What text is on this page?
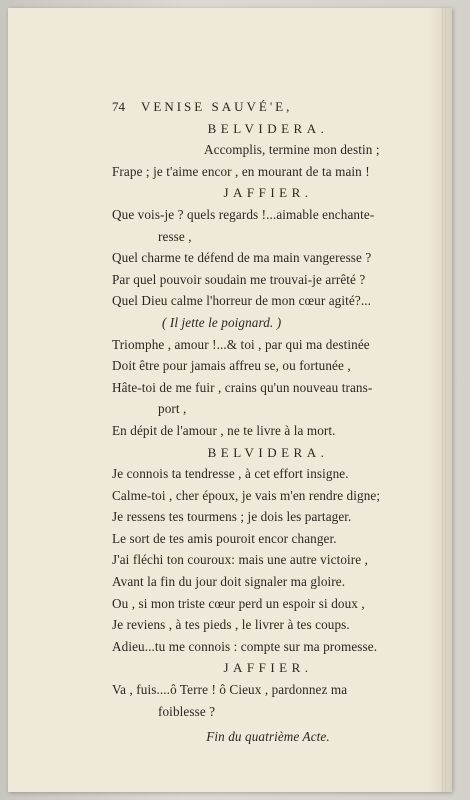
74 VENISE SAUVÉ'E,
BELVIDERA.
Accomplis, termine mon destin ;
Frape ; je t'aime encor , en mourant de ta main !
JAFFIER.
Que vois-je ? quels regards !...aimable enchante-
resse ,
Quel charme te défend de ma main vangeresse ?
Par quel pouvoir soudain me trouvai-je arrêté ?
Quel Dieu calme l'horreur de mon cœur agité?...
( Il jette le poignard. )
Triomphe , amour !...& toi , par qui ma destinée
Doit être pour jamais affreu se, ou fortunée ,
Hâte-toi de me fuir , crains qu'un nouveau trans-
port ,
En dépit de l'amour , ne te livre à la mort.
BELVIDERA.
Je connois ta tendresse , à cet effort insigne.
Calme-toi , cher époux, je vais m'en rendre digne;
Je ressens tes tourmens ; je dois les partager.
Le sort de tes amis pouroit encor changer.
J'ai fléchi ton couroux: mais une autre victoire ,
Avant la fin du jour doit signaler ma gloire.
Ou , si mon triste cœur perd un espoir si doux ,
Je reviens , à tes pieds , le livrer à tes coups.
Adieu...tu me connois : compte sur ma promesse.
JAFFIER.
Va , fuis....ô Terre ! ô Cieux , pardonnez ma
foiblesse ?
Fin du quatrième Acte.
